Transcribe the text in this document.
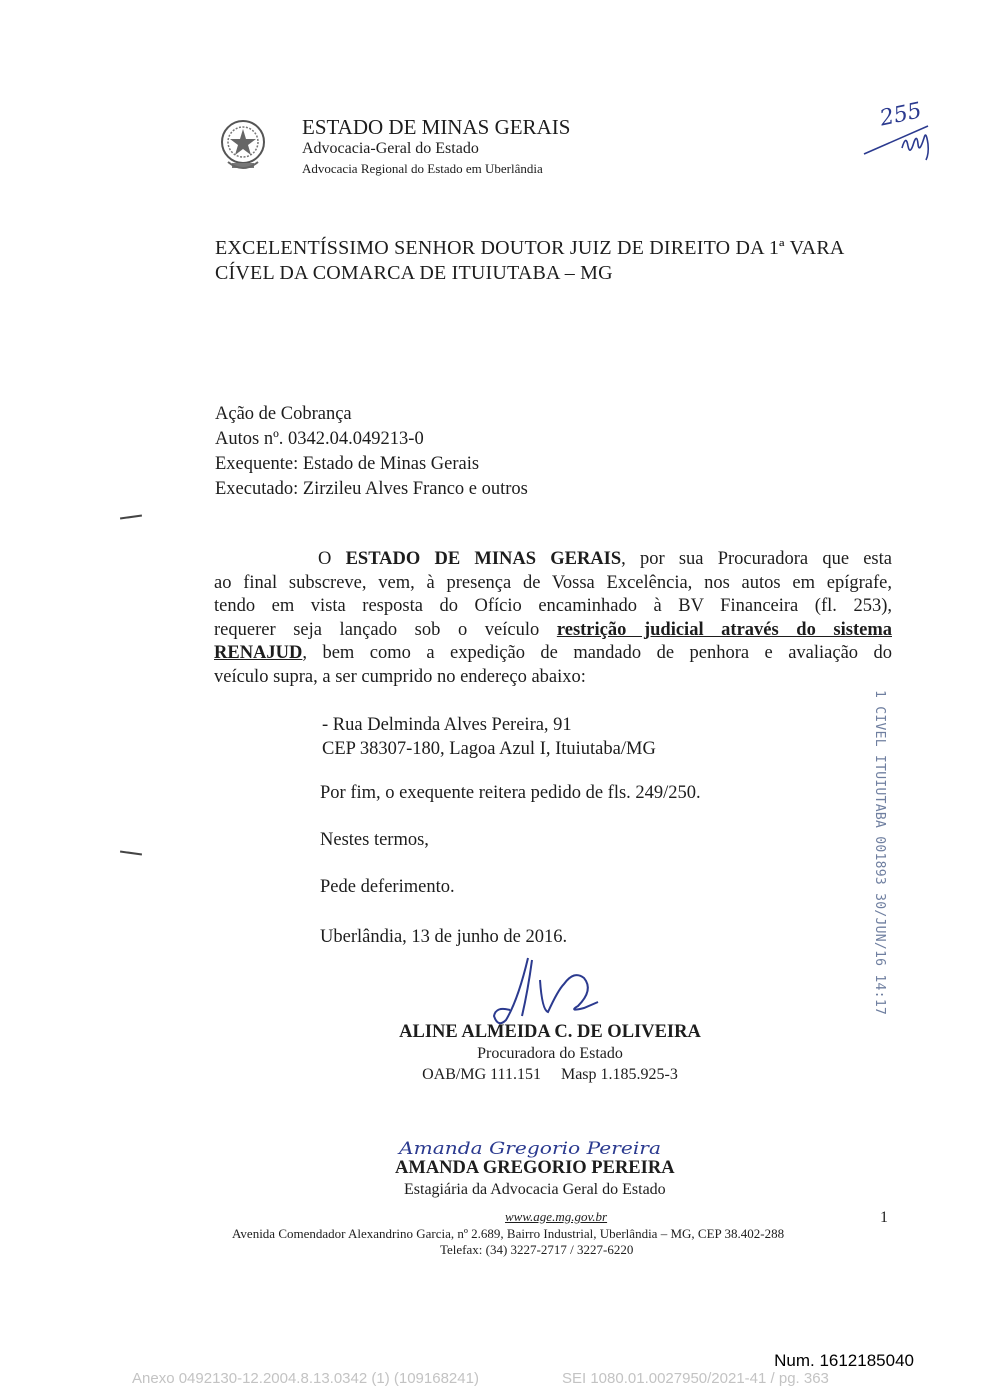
ESTADO DE MINAS GERAIS
Advocacia-Geral do Estado
Advocacia Regional do Estado em Uberlândia
255
EXCELENTÍSSIMO SENHOR DOUTOR JUIZ DE DIREITO DA 1ª VARA
CÍVEL DA COMARCA DE ITUIUTABA – MG
Ação de Cobrança
Autos nº. 0342.04.049213-0
Exequente: Estado de Minas Gerais
Executado: Zirzileu Alves Franco e outros
O ESTADO DE MINAS GERAIS, por sua Procuradora que esta
ao final subscreve, vem, à presença de Vossa Excelência, nos autos em epígrafe,
tendo em vista resposta do Ofício encaminhado à BV Financeira (fl. 253),
requerer seja lançado sob o veículo restrição judicial através do sistema
RENAJUD, bem como a expedição de mandado de penhora e avaliação do
veículo supra, a ser cumprido no endereço abaixo:
- Rua Delminda Alves Pereira, 91
CEP 38307-180, Lagoa Azul I, Ituiutaba/MG
Por fim, o exequente reitera pedido de fls. 249/250.
Nestes termos,
Pede deferimento.
Uberlândia, 13 de junho de 2016.	1 CIVEL ITUIUTABA 001893 30/JUN/16 14:17
ALINE ALMEIDA C. DE OLIVEIRA
Procuradora do Estado
OAB/MG 111.151     Masp 1.185.925-3
Amanda Gregorio Pereira
AMANDA GREGORIO PEREIRA
Estagiária da Advocacia Geral do Estado
www.age.mg.gov.br	1
Avenida Comendador Alexandrino Garcia, nº 2.689, Bairro Industrial, Uberlândia – MG, CEP 38.402-288
Telefax: (34) 3227-2717 / 3227-6220
Num. 1612185040
Anexo 0492130-12.2004.8.13.0342 (1) (109168241)	SEI 1080.01.0027950/2021-41 / pg. 363
